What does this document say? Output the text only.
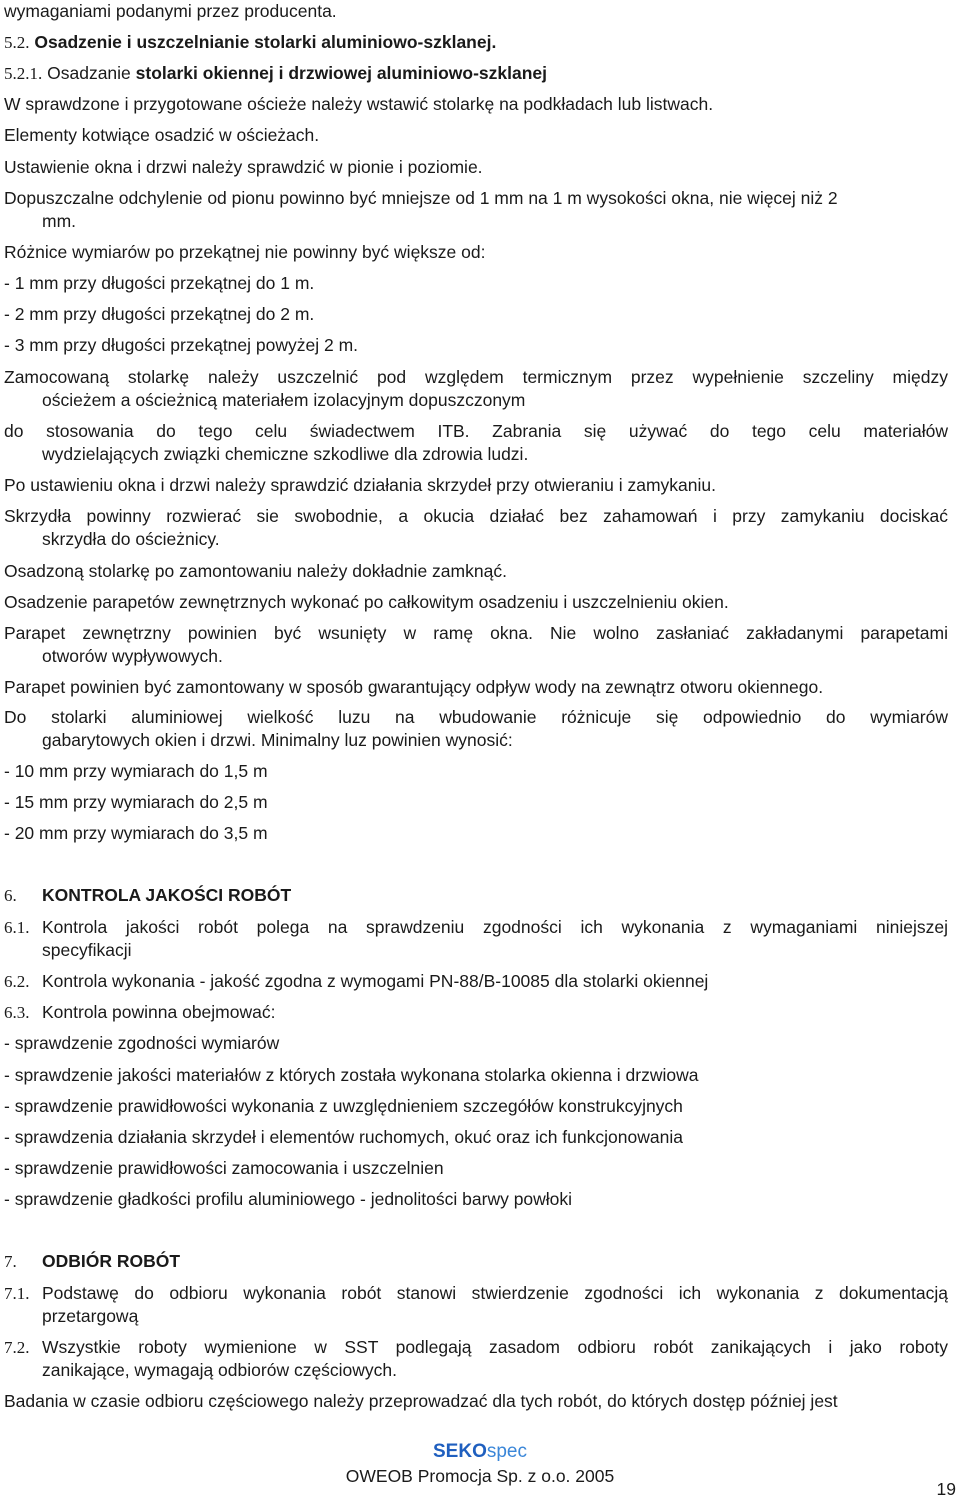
wymaganiami podanymi przez producenta.
5.2. Osadzenie i uszczelnianie stolarki aluminiowo-szklanej.
5.2.1. Osadzanie stolarki okiennej i drzwiowej aluminiowo-szklanej
W sprawdzone i przygotowane ościeże należy wstawić stolarkę na podkładach lub listwach.
Elementy kotwiące osadzić w ościeżach.
Ustawienie okna i drzwi należy sprawdzić w pionie i poziomie.
Dopuszczalne odchylenie od pionu powinno być mniejsze od 1 mm na 1 m wysokości okna, nie więcej niż 2
mm.
Różnice wymiarów po przekątnej nie powinny być większe od:
- 1 mm przy długości przekątnej do 1 m.
- 2 mm przy długości przekątnej do 2 m.
- 3 mm przy długości przekątnej powyżej 2 m.
Zamocowaną stolarkę należy uszczelnić pod względem termicznym przez wypełnienie szczeliny między
ościeżem a ościeżnicą materiałem izolacyjnym dopuszczonym
do stosowania do tego celu świadectwem ITB. Zabrania się używać do tego celu materiałów
wydzielających związki chemiczne szkodliwe dla zdrowia ludzi.
Po ustawieniu okna i drzwi należy sprawdzić działania skrzydeł przy otwieraniu i zamykaniu.
Skrzydła powinny rozwierać sie swobodnie, a okucia działać bez zahamowań i przy zamykaniu dociskać
skrzydła do ościeżnicy.
Osadzoną stolarkę po zamontowaniu należy dokładnie zamknąć.
Osadzenie parapetów zewnętrznych wykonać po całkowitym osadzeniu i uszczelnieniu okien.
Parapet zewnętrzny powinien być wsunięty w ramę okna. Nie wolno zasłaniać zakładanymi parapetami
otworów wypływowych.
Parapet powinien być zamontowany w sposób gwarantujący odpływ wody na zewnątrz otworu okiennego.
Do stolarki aluminiowej wielkość luzu na wbudowanie różnicuje się odpowiednio do wymiarów
gabarytowych okien i drzwi. Minimalny luz powinien wynosić:
- 10 mm przy wymiarach do 1,5 m
- 15 mm przy wymiarach do 2,5 m
- 20 mm przy wymiarach do 3,5 m
6. KONTROLA JAKOŚCI ROBÓT
6.1. Kontrola jakości robót polega na sprawdzeniu zgodności ich wykonania z wymaganiami niniejszej
specyfikacji
6.2. Kontrola wykonania - jakość zgodna z wymogami PN-88/B-10085 dla stolarki okiennej
6.3. Kontrola powinna obejmować:
- sprawdzenie zgodności wymiarów
- sprawdzenie jakości materiałów z których została wykonana stolarka okienna i drzwiowa
- sprawdzenie prawidłowości wykonania z uwzględnieniem szczegółów konstrukcyjnych
- sprawdzenia działania skrzydeł i elementów ruchomych, okuć oraz ich funkcjonowania
- sprawdzenie prawidłowości zamocowania i uszczelnien
- sprawdzenie gładkości profilu aluminiowego - jednolitości barwy powłoki
7. ODBIÓR ROBÓT
7.1. Podstawę do odbioru wykonania robót stanowi stwierdzenie zgodności ich wykonania z dokumentacją
przetargową
7.2. Wszystkie roboty wymienione w SST podlegają zasadom odbioru robót zanikających i jako roboty
zanikające, wymagają odbiorów częściowych.
Badania w czasie odbioru częściowego należy przeprowadzać dla tych robót, do których dostęp później jest
SEKOspec
OWEOB Promocja Sp. z o.o. 2005
19
